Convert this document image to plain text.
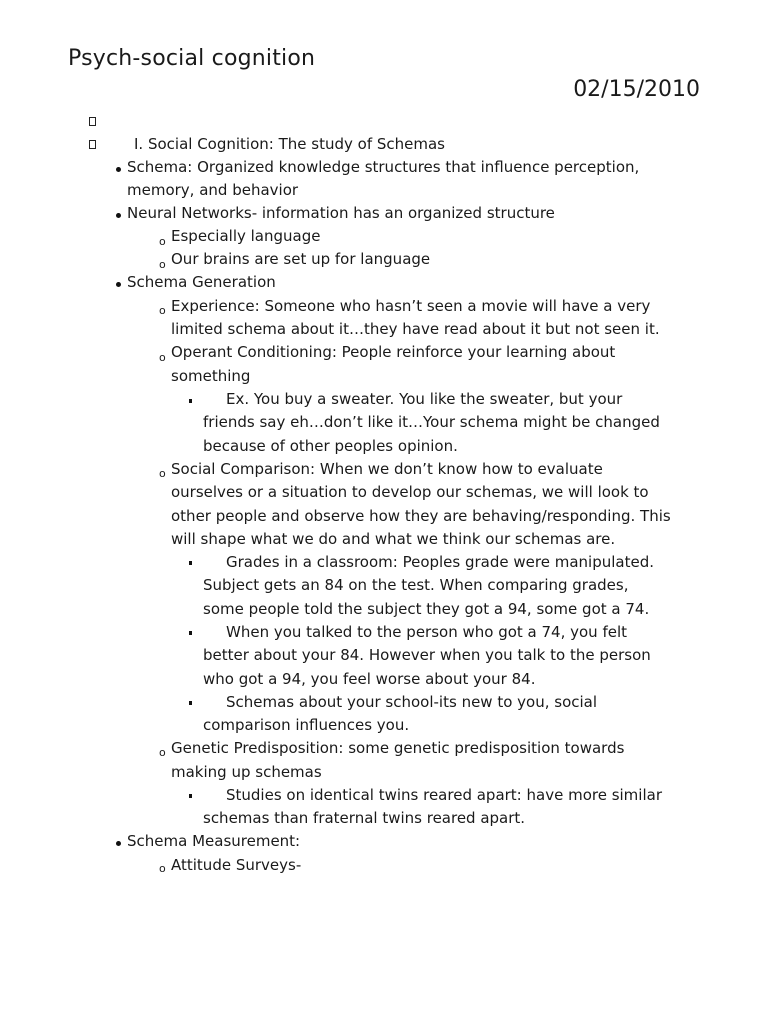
Psych-social cognition
02/15/2010
I. Social Cognition: The study of Schemas
o
o
o
o
o
o
o
Schema: Organized knowledge structures that influence perception,
memory, and behavior
Neural Networks- information has an organized structure
Especially language
Our brains are set up for language
Schema Generation
Experience: Someone who hasn’t seen a movie will have a very
limited schema about it…they have read about it but not seen it.
Operant Conditioning: People reinforce your learning about
something
Ex. You buy a sweater. You like the sweater, but your
friends say eh…don’t like it…Your schema might be changed
because of other peoples opinion.
Social Comparison: When we don’t know how to evaluate
ourselves or a situation to develop our schemas, we will look to
other people and observe how they are behaving/responding. This
will shape what we do and what we think our schemas are.
Grades in a classroom: Peoples grade were manipulated.
Subject gets an 84 on the test. When comparing grades,
some people told the subject they got a 94, some got a 74.
When you talked to the person who got a 74, you felt
better about your 84. However when you talk to the person
who got a 94, you feel worse about your 84.
Schemas about your school-its new to you, social
comparison influences you.
Genetic Predisposition: some genetic predisposition towards
making up schemas
Studies on identical twins reared apart: have more similar
schemas than fraternal twins reared apart.
Schema Measurement:
Attitude Surveys-
